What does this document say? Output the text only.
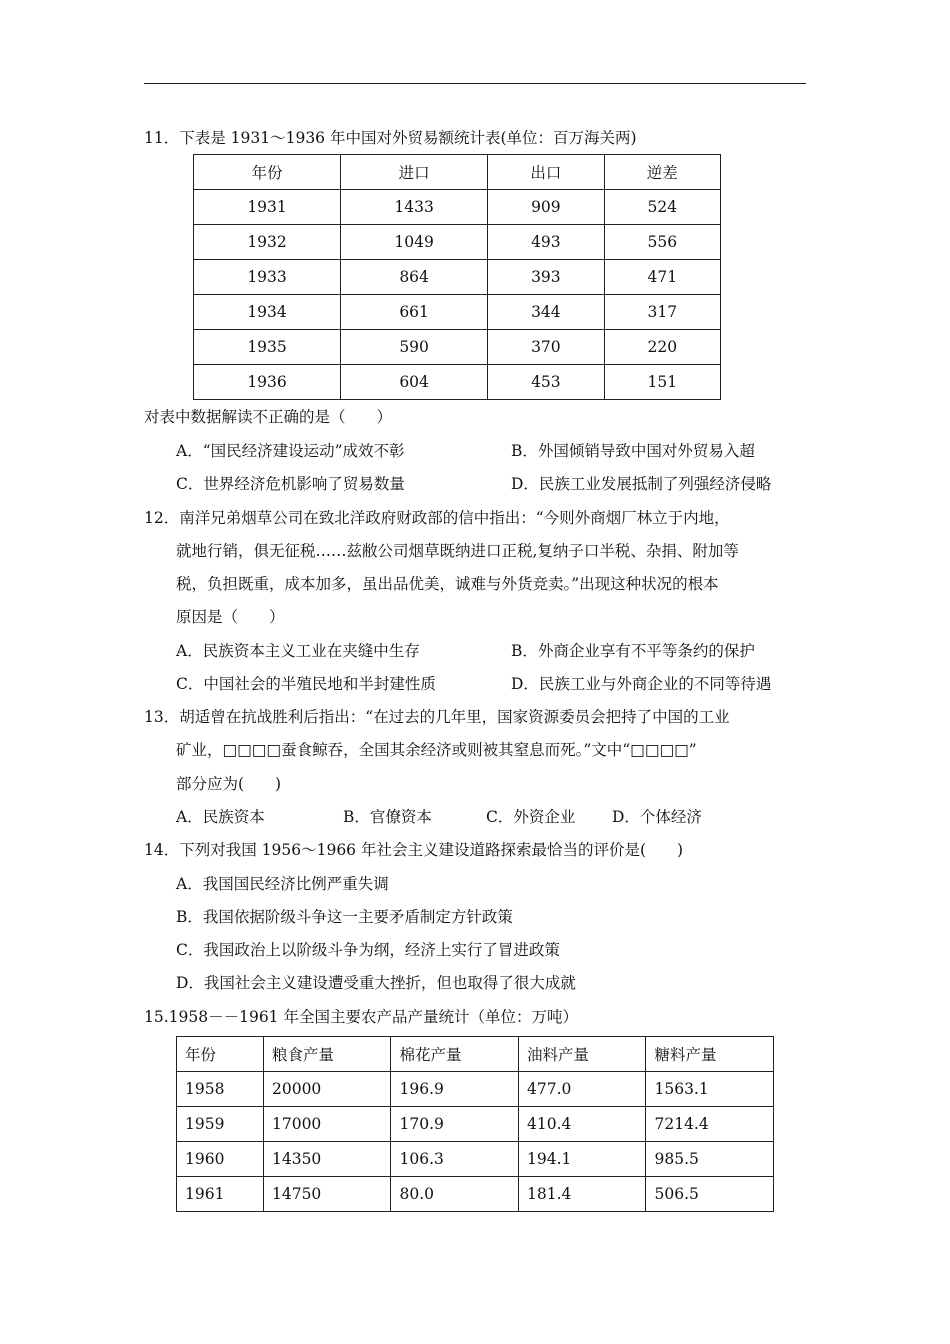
11．下表是 1931～1936 年中国对外贸易额统计表(单位：百万海关两)
年份	进口	出口	逆差
1931	1433	909	524
1932	1049	493	556
1933	864	393	471
1934	661	344	317
1935	590	370	220
1936	604	453	151
对表中数据解读不正确的是（　　）
A．“国民经济建设运动”成效不彰	B．外国倾销导致中国对外贸易入超
C．世界经济危机影响了贸易数量	D．民族工业发展抵制了列强经济侵略
12．南洋兄弟烟草公司在致北洋政府财政部的信中指出：“今则外商烟厂林立于内地，
就地行销，俱无征税……兹敝公司烟草既纳进口正税,复纳子口半税、杂捐、附加等
税，负担既重，成本加多，虽出品优美，诚难与外货竞卖。”出现这种状况的根本
原因是（　　）
A．民族资本主义工业在夹缝中生存	B．外商企业享有不平等条约的保护
C．中国社会的半殖民地和半封建性质	D．民族工业与外商企业的不同等待遇
13．胡适曾在抗战胜利后指出：“在过去的几年里，国家资源委员会把持了中国的工业
矿业，□□□□蚕食鲸吞，全国其余经济或则被其窒息而死。”文中“□□□□”
部分应为(　　)
A．民族资本	B．官僚资本	C．外资企业 D．个体经济
14．下列对我国 1956～1966 年社会主义建设道路探索最恰当的评价是(　　)
A．我国国民经济比例严重失调
B．我国依据阶级斗争这一主要矛盾制定方针政策
C．我国政治上以阶级斗争为纲，经济上实行了冒进政策
D．我国社会主义建设遭受重大挫折，但也取得了很大成就
15.1958－－1961 年全国主要农产品产量统计（单位：万吨）
年份	粮食产量	棉花产量	油料产量	糖料产量
1958	20000	196.9	477.0	1563.1
1959	17000	170.9	410.4	7214.4
1960	14350	106.3	194.1	985.5
1961	14750	80.0	181.4	506.5
